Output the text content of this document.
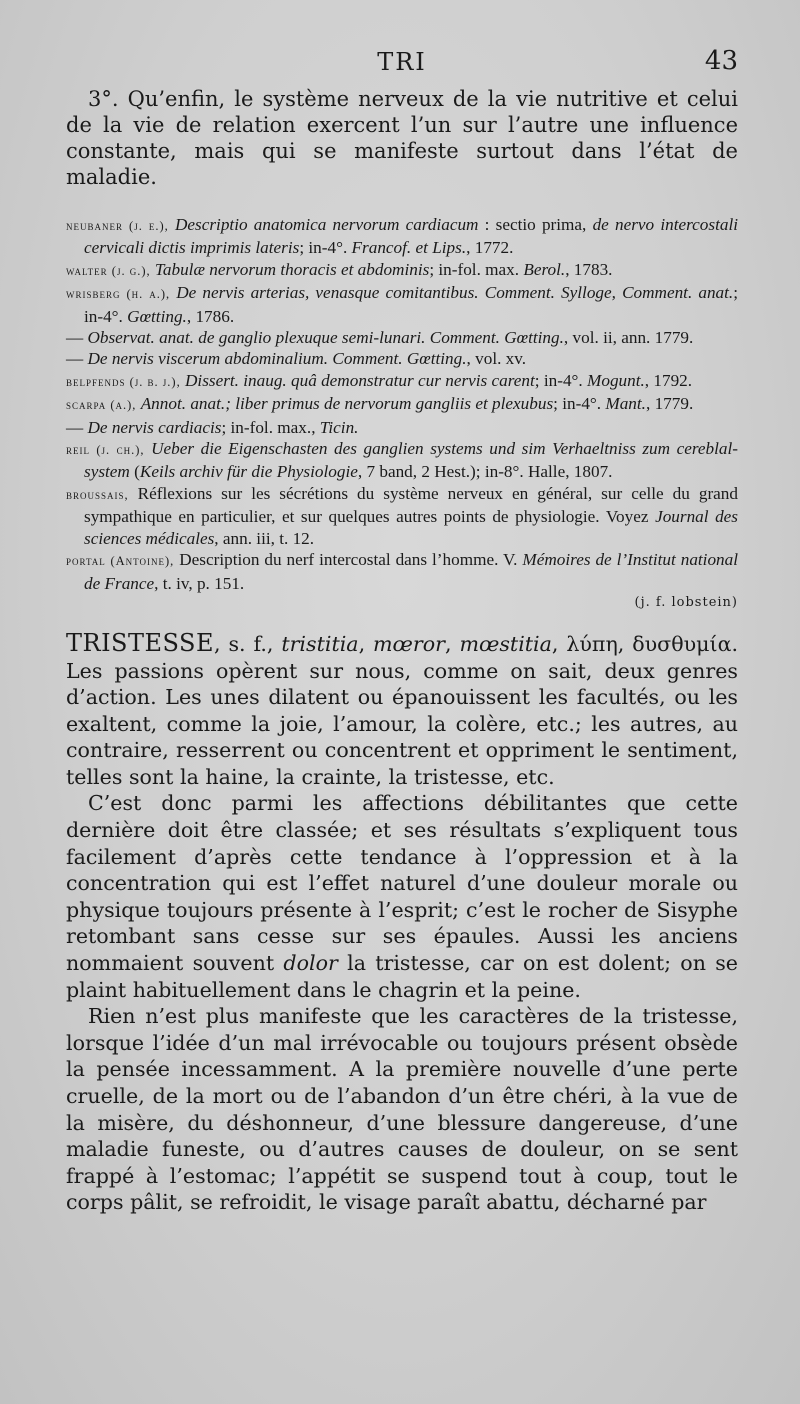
TRI	43

3°. Qu’enfin, le système nerveux de la vie nutritive et celui de la vie de relation exercent l’un sur l’autre une influence constante, mais qui se manifeste surtout dans l’état de maladie.

neubaner (j. e.), Descriptio anatomica nervorum cardiacum : sectio prima, de nervo intercostali cervicali dictis imprimis lateris; in-4°. Francof. et Lips., 1772.

walter (j. g.), Tabulæ nervorum thoracis et abdominis; in-fol. max. Berol., 1783.

wrisberg (h. a.), De nervis arterias, venasque comitantibus. Comment. Sylloge, Comment. anat.; in-4°. Gœtting., 1786.

— Observat. anat. de ganglio plexuque semi-lunari. Comment. Gœtting., vol. ii, ann. 1779.

— De nervis viscerum abdominalium. Comment. Gœtting., vol. xv.

belpfends (j. b. j.), Dissert. inaug. quâ demonstratur cur nervis carent; in-4°. Mogunt., 1792.

scarpa (a.), Annot. anat.; liber primus de nervorum gangliis et plexubus; in-4°. Mant., 1779.

— De nervis cardiacis; in-fol. max., Ticin.

reil (j. ch.), Ueber die Eigenschasten des ganglien systems und sim Verhaeltniss zum cereblal-system (Keils archiv für die Physiologie, 7 band, 2 Hest.); in-8°. Halle, 1807.

broussais, Réflexions sur les sécrétions du système nerveux en général, sur celle du grand sympathique en particulier, et sur quelques autres points de physiologie. Voyez Journal des sciences médicales, ann. iii, t. 12.

portal (Antoine), Description du nerf intercostal dans l’homme. V. Mémoires de l’Institut national de France, t. iv, p. 151.

(j. f. lobstein)

TRISTESSE, s. f., tristitia, mœror, mœstitia, λύπη, δυσθυμία. Les passions opèrent sur nous, comme on sait, deux genres d’action. Les unes dilatent ou épanouissent les facultés, ou les exaltent, comme la joie, l’amour, la colère, etc.; les autres, au contraire, resserrent ou concentrent et oppriment le sentiment, telles sont la haine, la crainte, la tristesse, etc.

C’est donc parmi les affections débilitantes que cette dernière doit être classée; et ses résultats s’expliquent tous facilement d’après cette tendance à l’oppression et à la concentration qui est l’effet naturel d’une douleur morale ou physique toujours présente à l’esprit; c’est le rocher de Sisyphe retombant sans cesse sur ses épaules. Aussi les anciens nommaient souvent dolor la tristesse, car on est dolent; on se plaint habituellement dans le chagrin et la peine.

Rien n’est plus manifeste que les caractères de la tristesse, lorsque l’idée d’un mal irrévocable ou toujours présent obsède la pensée incessamment. A la première nouvelle d’une perte cruelle, de la mort ou de l’abandon d’un être chéri, à la vue de la misère, du déshonneur, d’une blessure dangereuse, d’une maladie funeste, ou d’autres causes de douleur, on se sent frappé à l’estomac; l’appétit se suspend tout à coup, tout le corps pâlit, se refroidit, le visage paraît abattu, décharné par
